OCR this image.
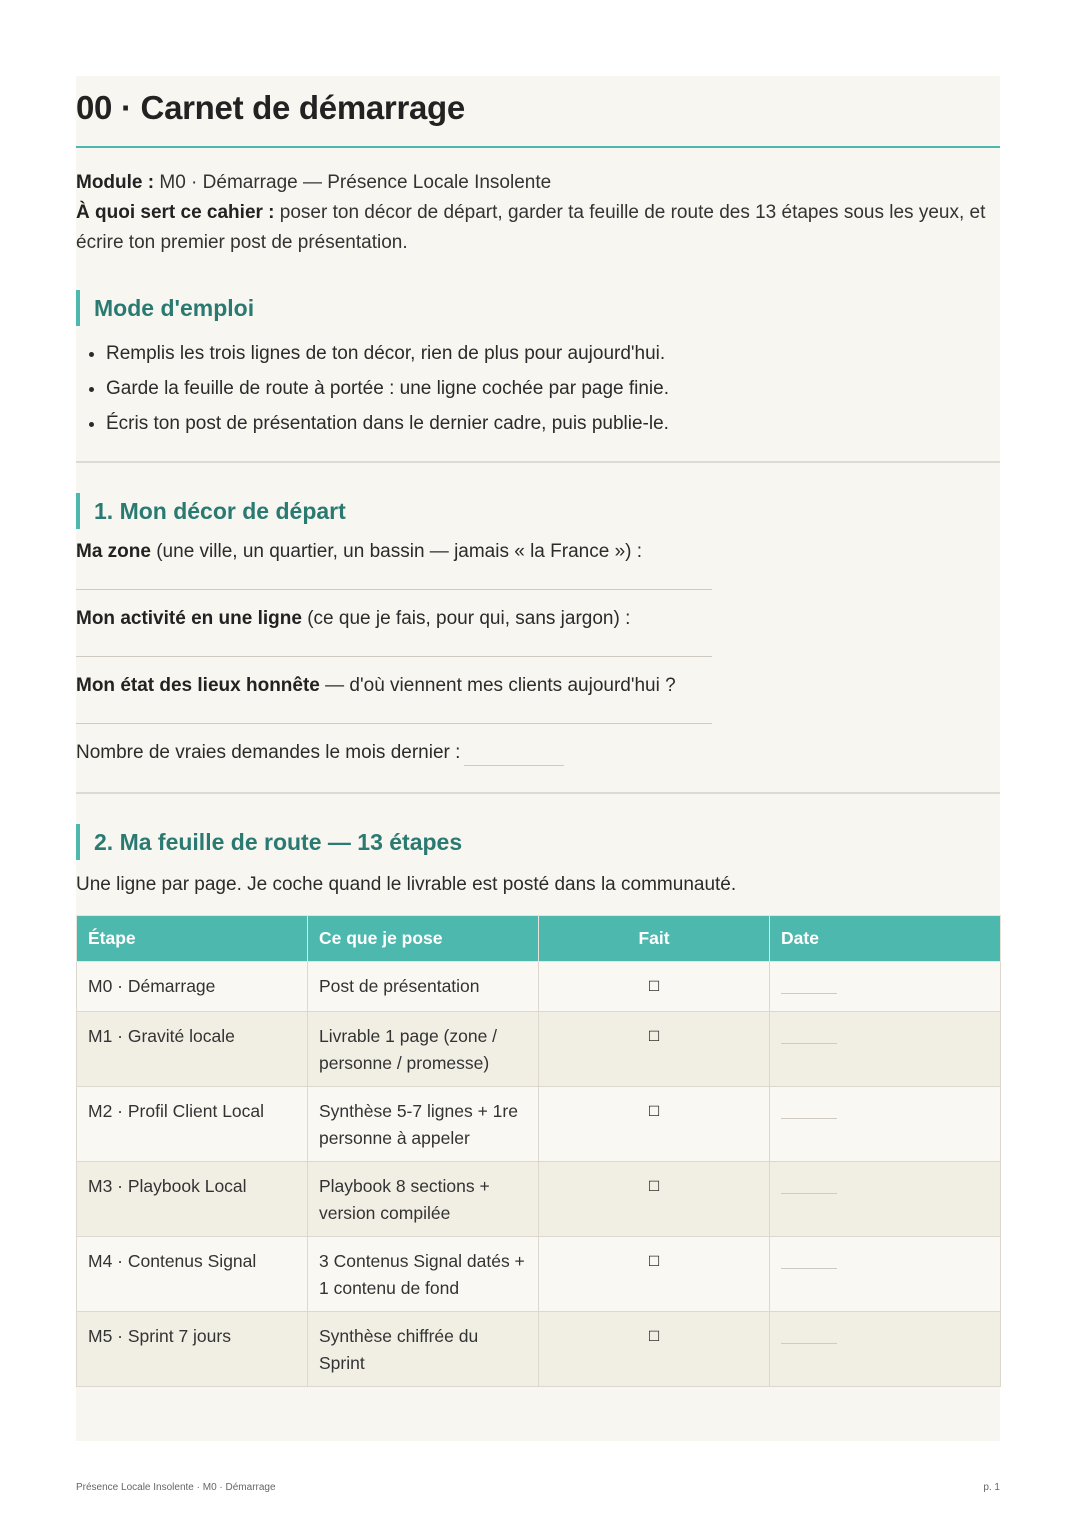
00 · Carnet de démarrage
Module : M0 · Démarrage — Présence Locale Insolente
À quoi sert ce cahier : poser ton décor de départ, garder ta feuille de route des 13 étapes sous les yeux, et écrire ton premier post de présentation.
Mode d'emploi
• Remplis les trois lignes de ton décor, rien de plus pour aujourd'hui.
• Garde la feuille de route à portée : une ligne cochée par page finie.
• Écris ton post de présentation dans le dernier cadre, puis publie-le.
1. Mon décor de départ
Ma zone (une ville, un quartier, un bassin — jamais « la France ») :
Mon activité en une ligne (ce que je fais, pour qui, sans jargon) :
Mon état des lieux honnête — d'où viennent mes clients aujourd'hui ?
Nombre de vraies demandes le mois dernier :
2. Ma feuille de route — 13 étapes
Une ligne par page. Je coche quand le livrable est posté dans la communauté.
Étape	Ce que je pose	Fait	Date
M0 · Démarrage	Post de présentation	☐	
M1 · Gravité locale	Livrable 1 page (zone / personne / promesse)	☐	
M2 · Profil Client Local	Synthèse 5-7 lignes + 1re personne à appeler	☐	
M3 · Playbook Local	Playbook 8 sections + version compilée	☐	
M4 · Contenus Signal	3 Contenus Signal datés + 1 contenu de fond	☐	
M5 · Sprint 7 jours	Synthèse chiffrée du Sprint	☐	
Présence Locale Insolente · M0 · Démarrage	p. 1
